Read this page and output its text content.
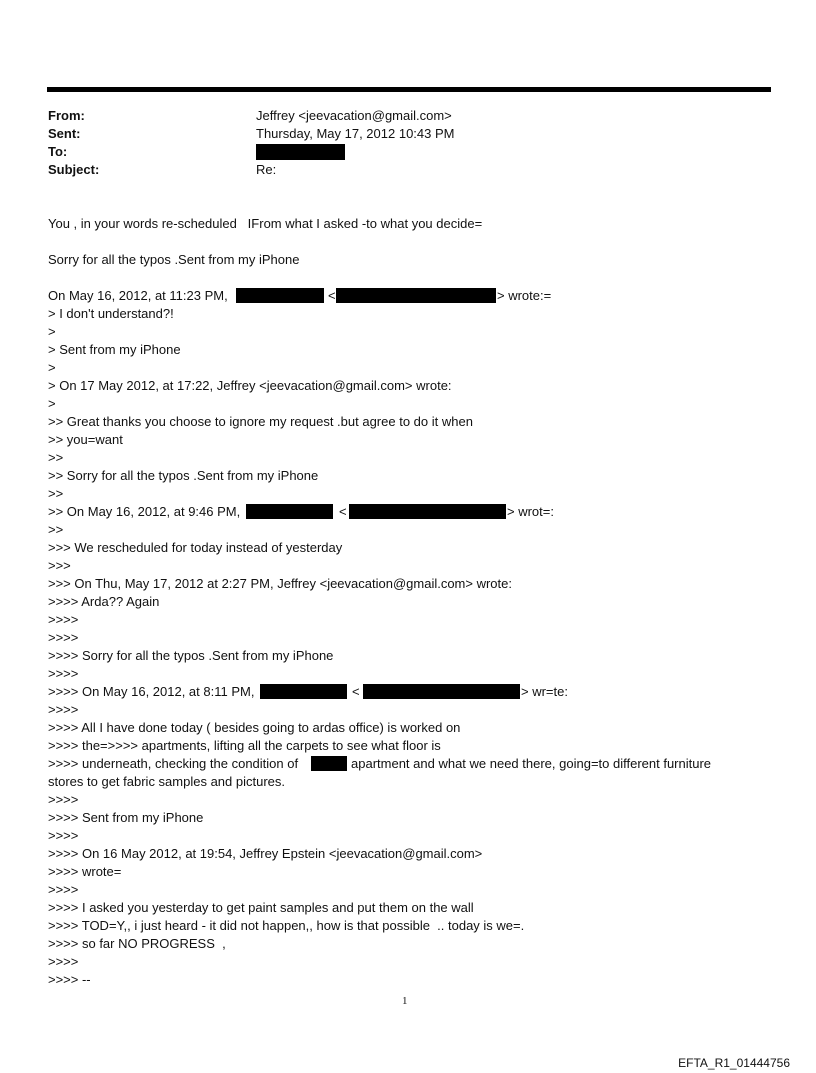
From:	Jeffrey <jeevacation@gmail.com>
Sent:	Thursday, May 17, 2012 10:43 PM
To:
Subject:	Re:
You , in your words re-scheduled   IFrom what I asked -to what you decide=
Sorry for all the typos .Sent from my iPhone
On May 16, 2012, at 11:23 PM,	<	> wrote:=
> I don't understand?!
>
> Sent from my iPhone
>
> On 17 May 2012, at 17:22, Jeffrey <jeevacation@gmail.com> wrote:
>
>> Great thanks you choose to ignore my request .but agree to do it when
>> you=want
>>
>> Sorry for all the typos .Sent from my iPhone
>>
>> On May 16, 2012, at 9:46 PM,	<	> wrot=:
>>
>>> We rescheduled for today instead of yesterday
>>>
>>> On Thu, May 17, 2012 at 2:27 PM, Jeffrey <jeevacation@gmail.com> wrote:
>>>> Arda?? Again
>>>>
>>>>
>>>> Sorry for all the typos .Sent from my iPhone
>>>>
>>>> On May 16, 2012, at 8:11 PM,	<	> wr=te:
>>>>
>>>> All I have done today ( besides going to ardas office) is worked on
>>>> the=>>>> apartments, lifting all the carpets to see what floor is
>>>> underneath, checking the condition of	apartment and what we need there, going=to different furniture
stores to get fabric samples and pictures.
>>>>
>>>> Sent from my iPhone
>>>>
>>>> On 16 May 2012, at 19:54, Jeffrey Epstein <jeevacation@gmail.com>
>>>> wrote=
>>>>
>>>> I asked you yesterday to get paint samples and put them on the wall
>>>> TOD=Y,, i just heard - it did not happen,, how is that possible  .. today is we=.
>>>> so far NO PROGRESS  ,
>>>>
>>>> --
1
EFTA_R1_01444756
